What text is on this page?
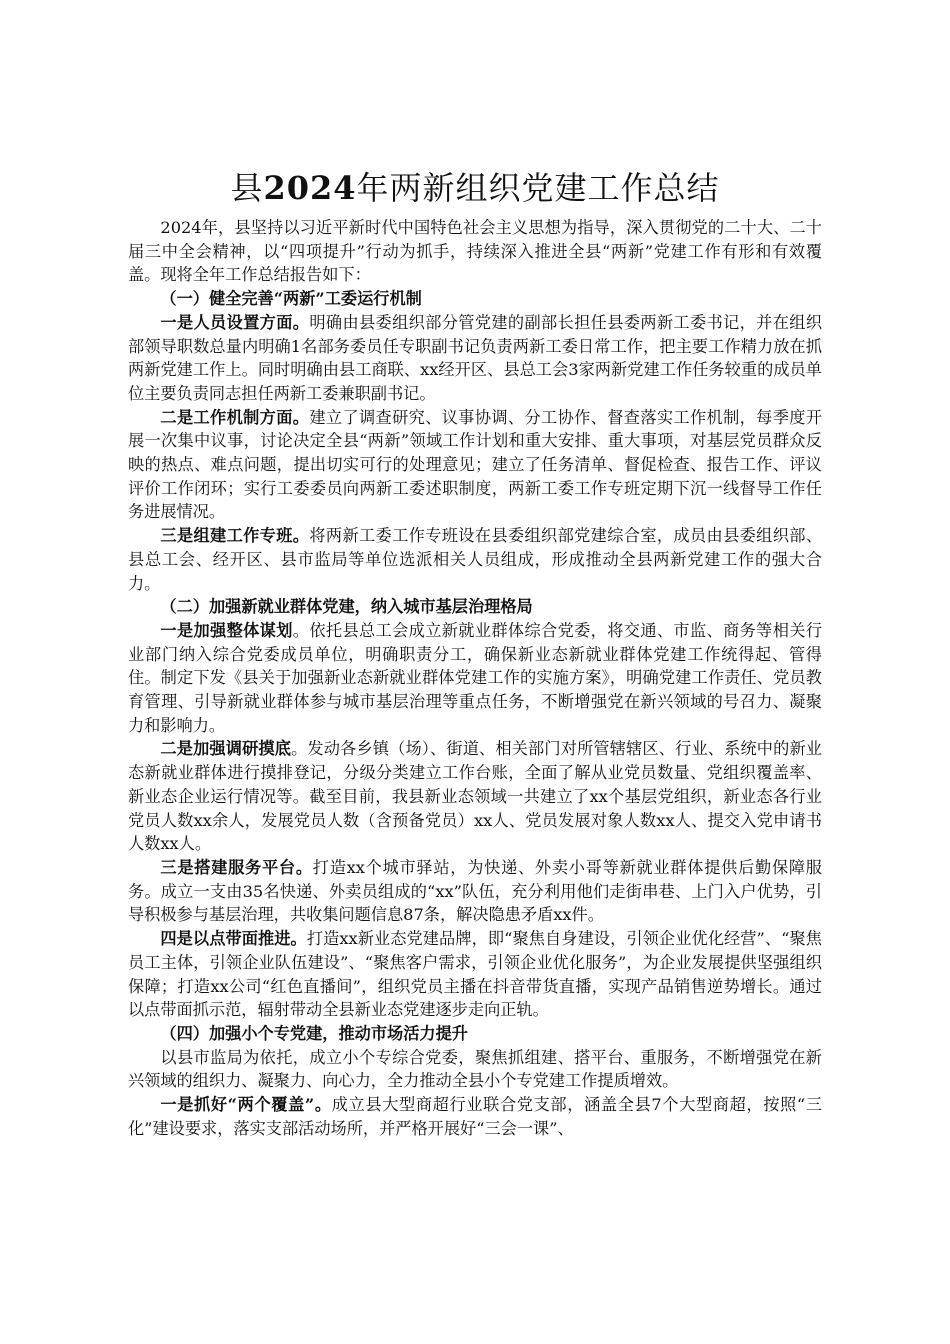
县2024年两新组织党建工作总结

2024年，县坚持以习近平新时代中国特色社会主义思想为指导，深入贯彻党的二十大、二十届三中全会精神，以“四项提升”行动为抓手，持续深入推进全县“两新”党建工作有形和有效覆盖。现将全年工作总结报告如下：

（一）健全完善“两新”工委运行机制

一是人员设置方面。明确由县委组织部分管党建的副部长担任县委两新工委书记，并在组织部领导职数总量内明确1名部务委员任专职副书记负责两新工委日常工作，把主要工作精力放在抓两新党建工作上。同时明确由县工商联、xx经开区、县总工会3家两新党建工作任务较重的成员单位主要负责同志担任两新工委兼职副书记。

二是工作机制方面。建立了调查研究、议事协调、分工协作、督查落实工作机制，每季度开展一次集中议事，讨论决定全县“两新”领域工作计划和重大安排、重大事项，对基层党员群众反映的热点、难点问题，提出切实可行的处理意见；建立了任务清单、督促检查、报告工作、评议评价工作闭环；实行工委委员向两新工委述职制度，两新工委工作专班定期下沉一线督导工作任务进展情况。

三是组建工作专班。将两新工委工作专班设在县委组织部党建综合室，成员由县委组织部、县总工会、经开区、县市监局等单位选派相关人员组成，形成推动全县两新党建工作的强大合力。

（二）加强新就业群体党建，纳入城市基层治理格局

一是加强整体谋划。依托县总工会成立新就业群体综合党委，将交通、市监、商务等相关行业部门纳入综合党委成员单位，明确职责分工，确保新业态新就业群体党建工作统得起、管得住。制定下发《县关于加强新业态新就业群体党建工作的实施方案》，明确党建工作责任、党员教育管理、引导新就业群体参与城市基层治理等重点任务，不断增强党在新兴领域的号召力、凝聚力和影响力。

二是加强调研摸底。发动各乡镇（场）、街道、相关部门对所管辖辖区、行业、系统中的新业态新就业群体进行摸排登记，分级分类建立工作台账，全面了解从业党员数量、党组织覆盖率、新业态企业运行情况等。截至目前，我县新业态领域一共建立了xx个基层党组织，新业态各行业党员人数xx余人，发展党员人数（含预备党员）xx人、党员发展对象人数xx人、提交入党申请书人数xx人。

三是搭建服务平台。打造xx个城市驿站，为快递、外卖小哥等新就业群体提供后勤保障服务。成立一支由35名快递、外卖员组成的“xx”队伍，充分利用他们走街串巷、上门入户优势，引导积极参与基层治理，共收集问题信息87条，解决隐患矛盾xx件。

四是以点带面推进。打造xx新业态党建品牌，即“聚焦自身建设，引领企业优化经营”、“聚焦员工主体，引领企业队伍建设”、“聚焦客户需求，引领企业优化服务”，为企业发展提供坚强组织保障；打造xx公司“红色直播间”，组织党员主播在抖音带货直播，实现产品销售逆势增长。通过以点带面抓示范，辐射带动全县新业态党建逐步走向正轨。

（四）加强小个专党建，推动市场活力提升

以县市监局为依托，成立小个专综合党委，聚焦抓组建、搭平台、重服务，不断增强党在新兴领域的组织力、凝聚力、向心力，全力推动全县小个专党建工作提质增效。

一是抓好“两个覆盖”。成立县大型商超行业联合党支部，涵盖全县7个大型商超，按照“三化”建设要求，落实支部活动场所，并严格开展好“三会一课”、
